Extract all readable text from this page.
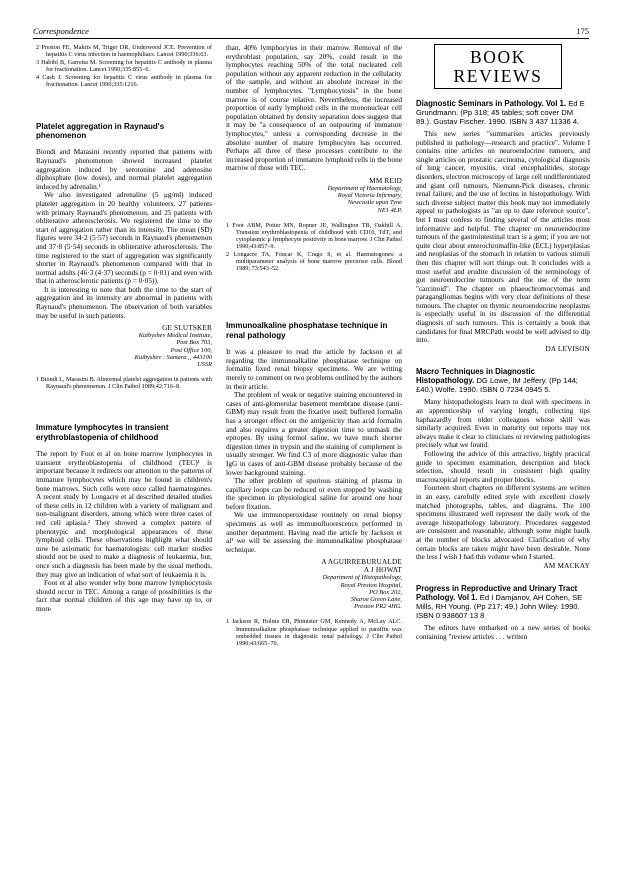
Correspondence	175
2 Preston FE, Makris M, Triger DR, Underwood JCE. Prevention of hepatitis C virus infection in haemophiliacs. Lancet 1990;336:63.
3 Habibi B, Garretta M. Screening for hepatitis C antibody in plasma for fractionation. Lancet 1990;335:855–6.
4 Cash J. Screening for hepatitis C virus antibody in plasma for fractionation. Lancet 1990;335:1216.
Platelet aggregation in Raynaud's phenomenon

Biondi and Marasini recently reported that patients with Raynaud's phenomenon showed increased platelet aggregation induced by serotonine and adenosine diphosphate (low doses), and normal platelet aggregation induced by adrenalin.¹

We also investigated adrenaline (5 μg/ml) induced platelet aggregation in 20 healthy volunteers, 27 patients with primary Raynaud's phenomenon, and 25 patients with obliterative atherosclerosis. We registered the time to the start of aggregation rather than its intensity. The mean (SD) figures were 34·2 (5·57) seconds in Raynaud's phenomenon and 37·8 (5·54) seconds in obliterative atherosclerosis. The time registered to the start of aggregation was significantly shorter in Raynaud's phenomenon compared with that in normal adults (46·3 (4·37) seconds (p = 0·01) and even with that in atherosclerotic patients (p = 0·05)).

It is interesting to note that both the time to the start of aggregation and its intensity are abnormal in patients with Raynaud's phenomenon. The observation of both variables may be useful in such patients.

GE SLUTSKER
Kuibyshev Medical Institute,
Post Box 703,
Post Office 100,
Kuibyshev : Samara ,, 443100
USSR
1 Biondi L, Marasini B. Abnormal platelet aggregation in patients with Raynaud's phenomenon. J Clin Pathol 1989;42:716–8.
Immature lymphocytes in transient erythroblastopenia of childhood

The report by Foot et al on bone marrow lymphocytes in transient erythroblastopenia of childhood (TEC)¹ is important because it redirects our attention to the patterns of immature lymphocytes which may be found in children's bone marrows. Such cells were once called haematogones. A recent study by Longacre et al described detailed studies of these cells in 12 children with a variety of malignant and non-malignant disorders, among which were three cases of red cell aplasia.² They showed a complex pattern of phenotypic and morphological appearances of these lymphoid cells. These observations highlight what should now be axiomatic for haematologists: cell marker studies should not be used to make a diagnosis of leukaemia, but, once such a diagnosis has been made by the usual methods, they may give an indication of what sort of leukaemia it is.

Foot et al also wonder why bone marrow lymphocytosis should occur in TEC. Among a range of possibilities is the fact that normal children of this age may have up to, or more

than, 40% lymphocytes in their marrow. Removal of the erythroblast population, say 20%, could result in the lymphocytes reaching 50% of the total nucleated cell population without any apparent reduction in the cellularity of the sample, and without an absolute increase in the number of lymphocytes. "Lymphocytosis" in the bone marrow is of course relative. Nevertheless, the increased proportion of early lymphoid cells in the mononuclear cell population obtained by density separation does suggest that it may be "a consequence of an outpouring of immature lymphocytes," unless a corresponding decrease in the absolute number of mature lymphocytes has occurred. Perhaps all three of these processes contribute to the increased proportion of immature lymphoid cells in the bone marrow of those with TEC.

MM REID
Department of Haematology,
Royal Victoria Infirmary,
Newcastle upon Tyne
NE1 4LP.
1 Foot ABM, Potter MN, Ropner JE, Wallington TB, Oakhill A. Transient erythroblastopenia of childhood with CD10, TdT, and cytoplasmic μ lymphocyte positivity in bone marrow. J Clin Pathol 1990;43:857–9.
2 Longacre TA, Foucar K, Crago S, et al. Haematogones: a multiparameter analysis of bone marrow precursor cells. Blood 1989; 73:543–52.
Immunoalkaline phosphatase technique in renal pathology

It was a pleasure to read the article by Jackson et al regarding the immunoalkaline phosphatase technique on formalin fixed renal biopsy specimens. We are writing merely to comment on two problems outlined by the authors in their article.

The problem of weak or negative staining encountered in cases of anti-glomerular basement membrane disease (anti-GBM) may result from the fixative used; buffered formalin has a stronger effect on the antigenicity than acid formalin and also requires a greater digestion time to unmask the epitopes. By using formol saline, we have much shorter digestion times in trypsin and the staining of complement is usually stronger. We find C3 of more diagnostic value than IgG in cases of anti-GBM disease probably because of the lower background staining.

The other problem of spurious staining of plasma in capillary loops can be reduced or even stopped by washing the specimen in physiological saline for around one hour before fixation.

We use immunoperoxidase routinely on renal biopsy specimens as well as immunofluorescence performed in another department. Having read the article by Jackson et al¹ we will be assessing the immunoalkaline phosphatase technique.

A AGUIRREBURUALDE
A J HOWAT
Department of Histopathology,
Royal Preston Hospital,
PO Box 202,
Sharoe Green Lane,
Preston PR2 4HG.
1 Jackson R, Holme ER, Phimister GM, Kennedy A, McLay ALC. Immunoalkaline phosphatase technique applied to paraffin wax embedded tissues in diagnostic renal pathology. J Clin Pathol 1990;43:665–70.
BOOK
REVIEWS
Diagnostic Seminars in Pathology. Vol 1. Ed E Grundmann. (Pp 318; 45 tables; soft cover DM 89.). Gustav Fischer. 1990. ISBN 3 437 11336 4.

This new series "summarises articles previously published in pathology—research and practice". Volume I contains nine articles on neuroendocrine tumours, and single articles on prostatic carcinoma, cytological diagnosis of lung cancer, myositis, viral encephalitides, storage disorders, electron microscopy of large cell undifferentiated and giant cell tumours, Niemann-Pick diseases, chronic renal failure, and the use of lectins in histopathology. With such diverse subject matter this book may not immediately appeal to pathologists as "an up to date reference source", but I must confess to finding several of the articles most informative and helpful. The chapter on neuroendocrine tumours of the gastrointestinal tract is a gem; if you are not quite clear about enterochromaffin-like (ECL) hyperplasias and neoplasias of the stomach in relation to various stimuli then this chapter will sort things out. It concludes with a most useful and erudite discussion of the terminology of gut neuroendocrine tumours and the use of the term "carcinoid". The chapter on phaeochromocytomas and paragangliomas begins with very clear definitions of these tumours. The chapter on thymic neuroendocrine neoplasms is especially useful in its discussion of the differential diagnosis of such tumours. This is certainly a book that candidates for final MRCPath would be well advised to dip into.

DA LEVISON
Macro Techniques in Diagnostic Histopathology. DG Lowe, IM Jeffery. (Pp 144; £40.) Wolfe. 1990. ISBN 0 7234 0945 5.

Many histopathologists learn to deal with specimens in an apprenticeship of varying length, collecting tips haphazardly from older colleagues whose skill was similarly acquired. Even in maturity our reports may not always make it clear to clinicians or reviewing pathologists precisely what we found.

Following the advice of this attractive, highly practical guide to specimen examination, description and block selection, should result in consistent high quality macroscopical reports and proper blocks.

Fourteen short chapters on different systems are written in an easy, carefully edited style with excellent closely matched photographs, tables, and diagrams. The 100 specimens illustrated well represent the daily work of the average histopathology laboratory. Procedures suggested are consistent and reasonable, although some might baulk at the number of blocks advocated. Clarification of why certain blocks are taken might have been desirable. None the less I wish I had this volume when I started.

AM MACKAY
Progress in Reproductive and Urinary Tract Pathology. Vol 1. Ed I Damjanov, AH Cohen, SE Mills, RH Young. (Pp 217; 49.) John Wiley. 1990. ISBN 0 938607 13 8

The editors have embarked on a new series of books containing "review articles . . . written
